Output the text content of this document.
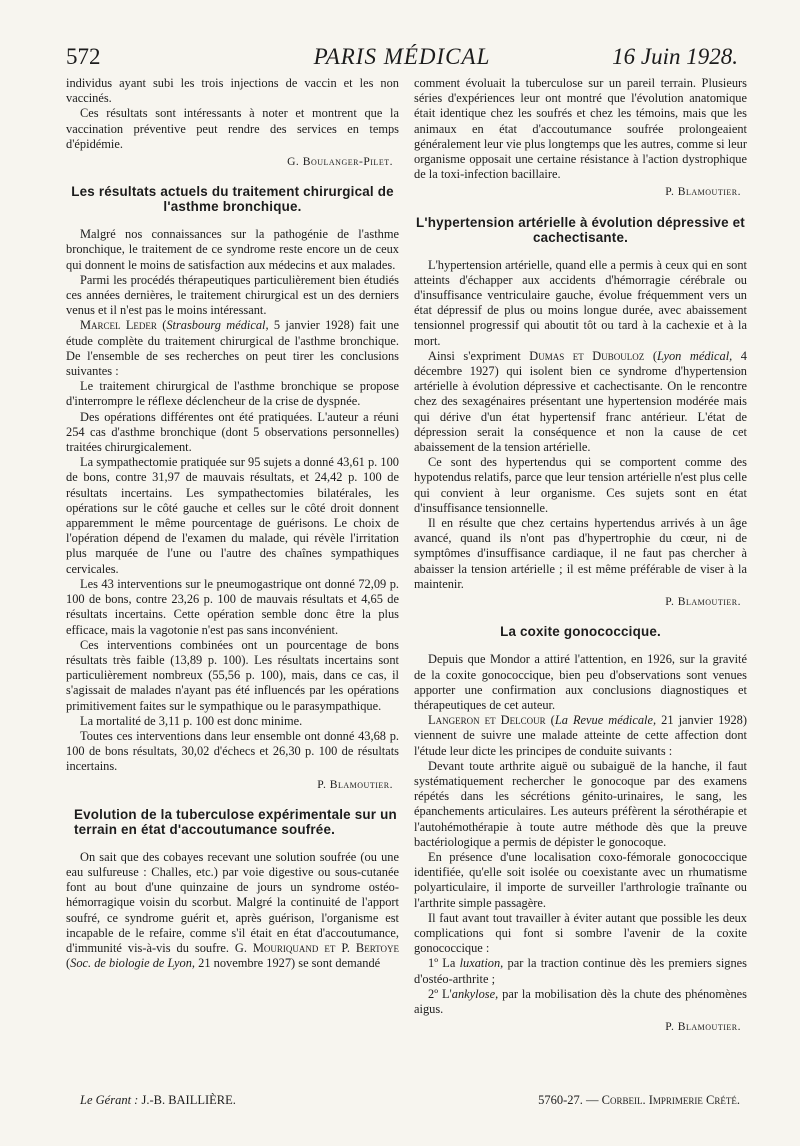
572	PARIS MÉDICAL	16 Juin 1928.

individus ayant subi les trois injections de vaccin et les non vaccinés.

Ces résultats sont intéressants à noter et montrent que la vaccination préventive peut rendre des services en temps d'épidémie.

G. Boulanger-Pilet.
Les résultats actuels du traitement chirurgical de l'asthme bronchique.

Malgré nos connaissances sur la pathogénie de l'asthme bronchique, le traitement de ce syndrome reste encore un de ceux qui donnent le moins de satisfaction aux médecins et aux malades.

Parmi les procédés thérapeutiques particulièrement bien étudiés ces années dernières, le traitement chirurgical est un des derniers venus et il n'est pas le moins intéressant.

Marcel Leder (Strasbourg médical, 5 janvier 1928) fait une étude complète du traitement chirurgical de l'asthme bronchique. De l'ensemble de ses recherches on peut tirer les conclusions suivantes :

Le traitement chirurgical de l'asthme bronchique se propose d'interrompre le réflexe déclencheur de la crise de dyspnée.

Des opérations différentes ont été pratiquées. L'auteur a réuni 254 cas d'asthme bronchique (dont 5 observations personnelles) traitées chirurgicalement.

La sympathectomie pratiquée sur 95 sujets a donné 43,61 p. 100 de bons, contre 31,97 de mauvais résultats, et 24,42 p. 100 de résultats incertains. Les sympathectomies bilatérales, les opérations sur le côté gauche et celles sur le côté droit donnent apparemment le même pourcentage de guérisons. Le choix de l'opération dépend de l'examen du malade, qui révèle l'irritation plus marquée de l'une ou l'autre des chaînes sympathiques cervicales.

Les 43 interventions sur le pneumogastrique ont donné 72,09 p. 100 de bons, contre 23,26 p. 100 de mauvais résultats et 4,65 de résultats incertains. Cette opération semble donc être la plus efficace, mais la vagotonie n'est pas sans inconvénient.

Ces interventions combinées ont un pourcentage de bons résultats très faible (13,89 p. 100). Les résultats incertains sont particulièrement nombreux (55,56 p. 100), mais, dans ce cas, il s'agissait de malades n'ayant pas été influencés par les opérations primitivement faites sur le sympathique ou le parasympathique.

La mortalité de 3,11 p. 100 est donc minime.

Toutes ces interventions dans leur ensemble ont donné 43,68 p. 100 de bons résultats, 30,02 d'échecs et 26,30 p. 100 de résultats incertains.

P. Blamoutier.
Evolution de la tuberculose expérimentale sur un terrain en état d'accoutumance soufrée.

On sait que des cobayes recevant une solution soufrée (ou une eau sulfureuse : Challes, etc.) par voie digestive ou sous-cutanée font au bout d'une quinzaine de jours un syndrome ostéo-hémorragique voisin du scorbut. Malgré la continuité de l'apport soufré, ce syndrome guérit et, après guérison, l'organisme est incapable de le refaire, comme s'il était en état d'accoutumance, d'immunité vis-à-vis du soufre. G. Mouriquand et P. Bertoye (Soc. de biologie de Lyon, 21 novembre 1927) se sont demandé

comment évoluait la tuberculose sur un pareil terrain. Plusieurs séries d'expériences leur ont montré que l'évolution anatomique était identique chez les soufrés et chez les témoins, mais que les animaux en état d'accoutumance soufrée prolongeaient généralement leur vie plus longtemps que les autres, comme si leur organisme opposait une certaine résistance à l'action dystrophique de la toxi-infection bacillaire.

P. Blamoutier.
L'hypertension artérielle à évolution dépressive et cachectisante.

L'hypertension artérielle, quand elle a permis à ceux qui en sont atteints d'échapper aux accidents d'hémorragie cérébrale ou d'insuffisance ventriculaire gauche, évolue fréquemment vers un état dépressif de plus ou moins longue durée, avec abaissement tensionnel progressif qui aboutit tôt ou tard à la cachexie et à la mort.

Ainsi s'expriment Dumas et Dubouloz (Lyon médical, 4 décembre 1927) qui isolent bien ce syndrome d'hypertension artérielle à évolution dépressive et cachectisante. On le rencontre chez des sexagénaires présentant une hypertension modérée mais qui dérive d'un état hypertensif franc antérieur. L'état de dépression serait la conséquence et non la cause de cet abaissement de la tension artérielle.

Ce sont des hypertendus qui se comportent comme des hypotendus relatifs, parce que leur tension artérielle n'est plus celle qui convient à leur organisme. Ces sujets sont en état d'insuffisance tensionnelle.

Il en résulte que chez certains hypertendus arrivés à un âge avancé, quand ils n'ont pas d'hypertrophie du cœur, ni de symptômes d'insuffisance cardiaque, il ne faut pas chercher à abaisser la tension artérielle ; il est même préférable de viser à la maintenir.

P. Blamoutier.
La coxite gonococcique.

Depuis que Mondor a attiré l'attention, en 1926, sur la gravité de la coxite gonococcique, bien peu d'observations sont venues apporter une confirmation aux conclusions diagnostiques et thérapeutiques de cet auteur.

Langeron et Delcour (La Revue médicale, 21 janvier 1928) viennent de suivre une malade atteinte de cette affection dont l'étude leur dicte les principes de conduite suivants :

Devant toute arthrite aiguë ou subaiguë de la hanche, il faut systématiquement rechercher le gonocoque par des examens répétés dans les sécrétions génito-urinaires, le sang, les épanchements articulaires. Les auteurs préfèrent la sérothérapie et l'autohémothérapie à toute autre méthode dès que la preuve bactériologique a permis de dépister le gonocoque.

En présence d'une localisation coxo-fémorale gonococcique identifiée, qu'elle soit isolée ou coexistante avec un rhumatisme polyarticulaire, il importe de surveiller l'arthrologie traînante ou l'arthrite simple passagère.

Il faut avant tout travailler à éviter autant que possible les deux complications qui font si sombre l'avenir de la coxite gonococcique :

1º La luxation, par la traction continue dès les premiers signes d'ostéo-arthrite ;

2º L'ankylose, par la mobilisation dès la chute des phénomènes aigus.

P. Blamoutier.
Le Gérant : J.-B. BAILLIÈRE.	5760-27. — Corbeil. Imprimerie Crété.
